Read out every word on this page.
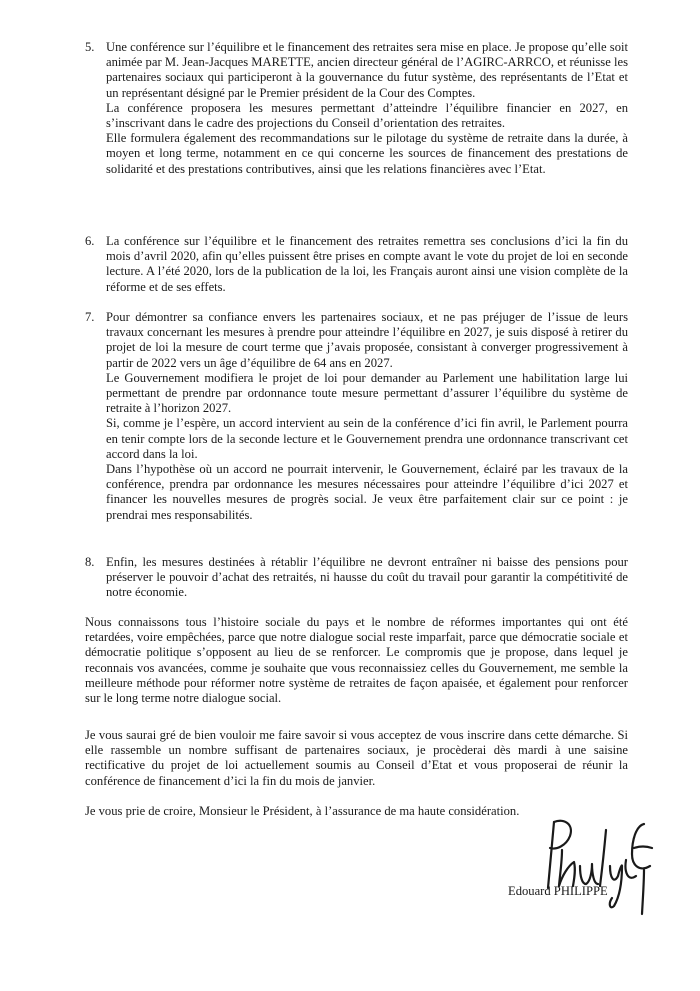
5. Une conférence sur l’équilibre et le financement des retraites sera mise en place. Je propose qu’elle soit animée par M. Jean-Jacques MARETTE, ancien directeur général de l’AGIRC-ARRCO, et réunisse les partenaires sociaux qui participeront à la gouvernance du futur système, des représentants de l’Etat et un représentant désigné par le Premier président de la Cour des Comptes.

La conférence proposera les mesures permettant d’atteindre l’équilibre financier en 2027, en s’inscrivant dans le cadre des projections du Conseil d’orientation des retraites.

Elle formulera également des recommandations sur le pilotage du système de retraite dans la durée, à moyen et long terme, notamment en ce qui concerne les sources de financement des prestations de solidarité et des prestations contributives, ainsi que les relations financières avec l’Etat.

6. La conférence sur l’équilibre et le financement des retraites remettra ses conclusions d’ici la fin du mois d’avril 2020, afin qu’elles puissent être prises en compte avant le vote du projet de loi en seconde lecture. A l’été 2020, lors de la publication de la loi, les Français auront ainsi une vision complète de la réforme et de ses effets.

7. Pour démontrer sa confiance envers les partenaires sociaux, et ne pas préjuger de l’issue de leurs travaux concernant les mesures à prendre pour atteindre l’équilibre en 2027, je suis disposé à retirer du projet de loi la mesure de court terme que j’avais proposée, consistant à converger progressivement à partir de 2022 vers un âge d’équilibre de 64 ans en 2027.

Le Gouvernement modifiera le projet de loi pour demander au Parlement une habilitation large lui permettant de prendre par ordonnance toute mesure permettant d’assurer l’équilibre du système de retraite à l’horizon 2027.

Si, comme je l’espère, un accord intervient au sein de la conférence d’ici fin avril, le Parlement pourra en tenir compte lors de la seconde lecture et le Gouvernement prendra une ordonnance transcrivant cet accord dans la loi.

Dans l’hypothèse où un accord ne pourrait intervenir, le Gouvernement, éclairé par les travaux de la conférence, prendra par ordonnance les mesures nécessaires pour atteindre l’équilibre d’ici 2027 et financer les nouvelles mesures de progrès social. Je veux être parfaitement clair sur ce point : je prendrai mes responsabilités.

8. Enfin, les mesures destinées à rétablir l’équilibre ne devront entraîner ni baisse des pensions pour préserver le pouvoir d’achat des retraités, ni hausse du coût du travail pour garantir la compétitivité de notre économie.

Nous connaissons tous l’histoire sociale du pays et le nombre de réformes importantes qui ont été retardées, voire empêchées, parce que notre dialogue social reste imparfait, parce que démocratie sociale et démocratie politique s’opposent au lieu de se renforcer. Le compromis que je propose, dans lequel je reconnais vos avancées, comme je souhaite que vous reconnaissiez celles du Gouvernement, me semble la meilleure méthode pour réformer notre système de retraites de façon apaisée, et également pour renforcer sur le long terme notre dialogue social.

Je vous saurai gré de bien vouloir me faire savoir si vous acceptez de vous inscrire dans cette démarche. Si elle rassemble un nombre suffisant de partenaires sociaux, je procèderai dès mardi à une saisine rectificative du projet de loi actuellement soumis au Conseil d’Etat et vous proposerai de réunir la conférence de financement d’ici la fin du mois de janvier.

Je vous prie de croire, Monsieur le Président, à l’assurance de ma haute considération.

Edouard PHILIPPE
